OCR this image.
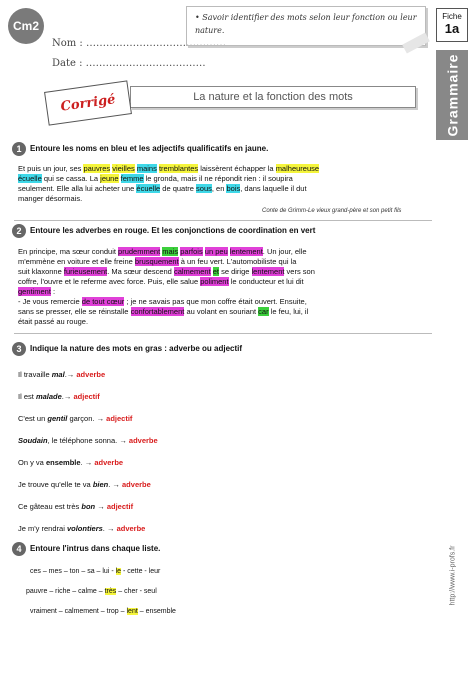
Cm2
Nom : ……………………………………
Date : ………………………………
• Savoir identifier des mots selon leur fonction ou leur nature.
Fiche
1a
Grammaire
La nature et la fonction des mots
Corrigé
1	Entoure les noms en bleu et les adjectifs qualificatifs en jaune.
Et puis un jour, ses pauvres vieilles mains tremblantes laissèrent échapper la malheureuse
écuelle qui se cassa. La jeune femme le gronda, mais il ne répondit rien : il soupira
seulement. Elle alla lui acheter une écuelle de quatre sous, en bois, dans laquelle il dut
manger désormais.
Conte de Grimm-Le vieux grand-père et son petit fils
2	Entoure les adverbes en rouge. Et les conjonctions de coordination en vert
En principe, ma sœur conduit prudemment mais parfois un peu lentement. Un jour, elle
m'emmène en voiture et elle freine brusquement à un feu vert. L'automobiliste qui la
suit klaxonne furieusement. Ma sœur descend calmement et se dirige lentement vers son
coffre, l'ouvre et le referme avec force. Puis, elle salue poliment le conducteur et lui dit
gentiment :
- Je vous remercie de tout cœur ; je ne savais pas que mon coffre était ouvert. Ensuite,
sans se presser, elle se réinstalle confortablement au volant en souriant car le feu, lui, il
était passé au rouge.
3	Indique la nature des mots en gras : adverbe ou adjectif
Il travaille mal.→ adverbe
Il est malade.→ adjectif
C'est un gentil garçon. → adjectif
Soudain, le téléphone sonna. → adverbe
On y va ensemble. → adverbe
Je trouve qu'elle te va bien. → adverbe
Ce gâteau est très bon → adjectif
Je m'y rendrai volontiers. → adverbe
4	Entoure l'intrus dans chaque liste.
ces – mes – ton – sa – lui - le - cette - leur
pauvre – riche – calme – très – cher - seul
vraiment – calmement – trop – lent – ensemble
http://www.i-profs.fr
